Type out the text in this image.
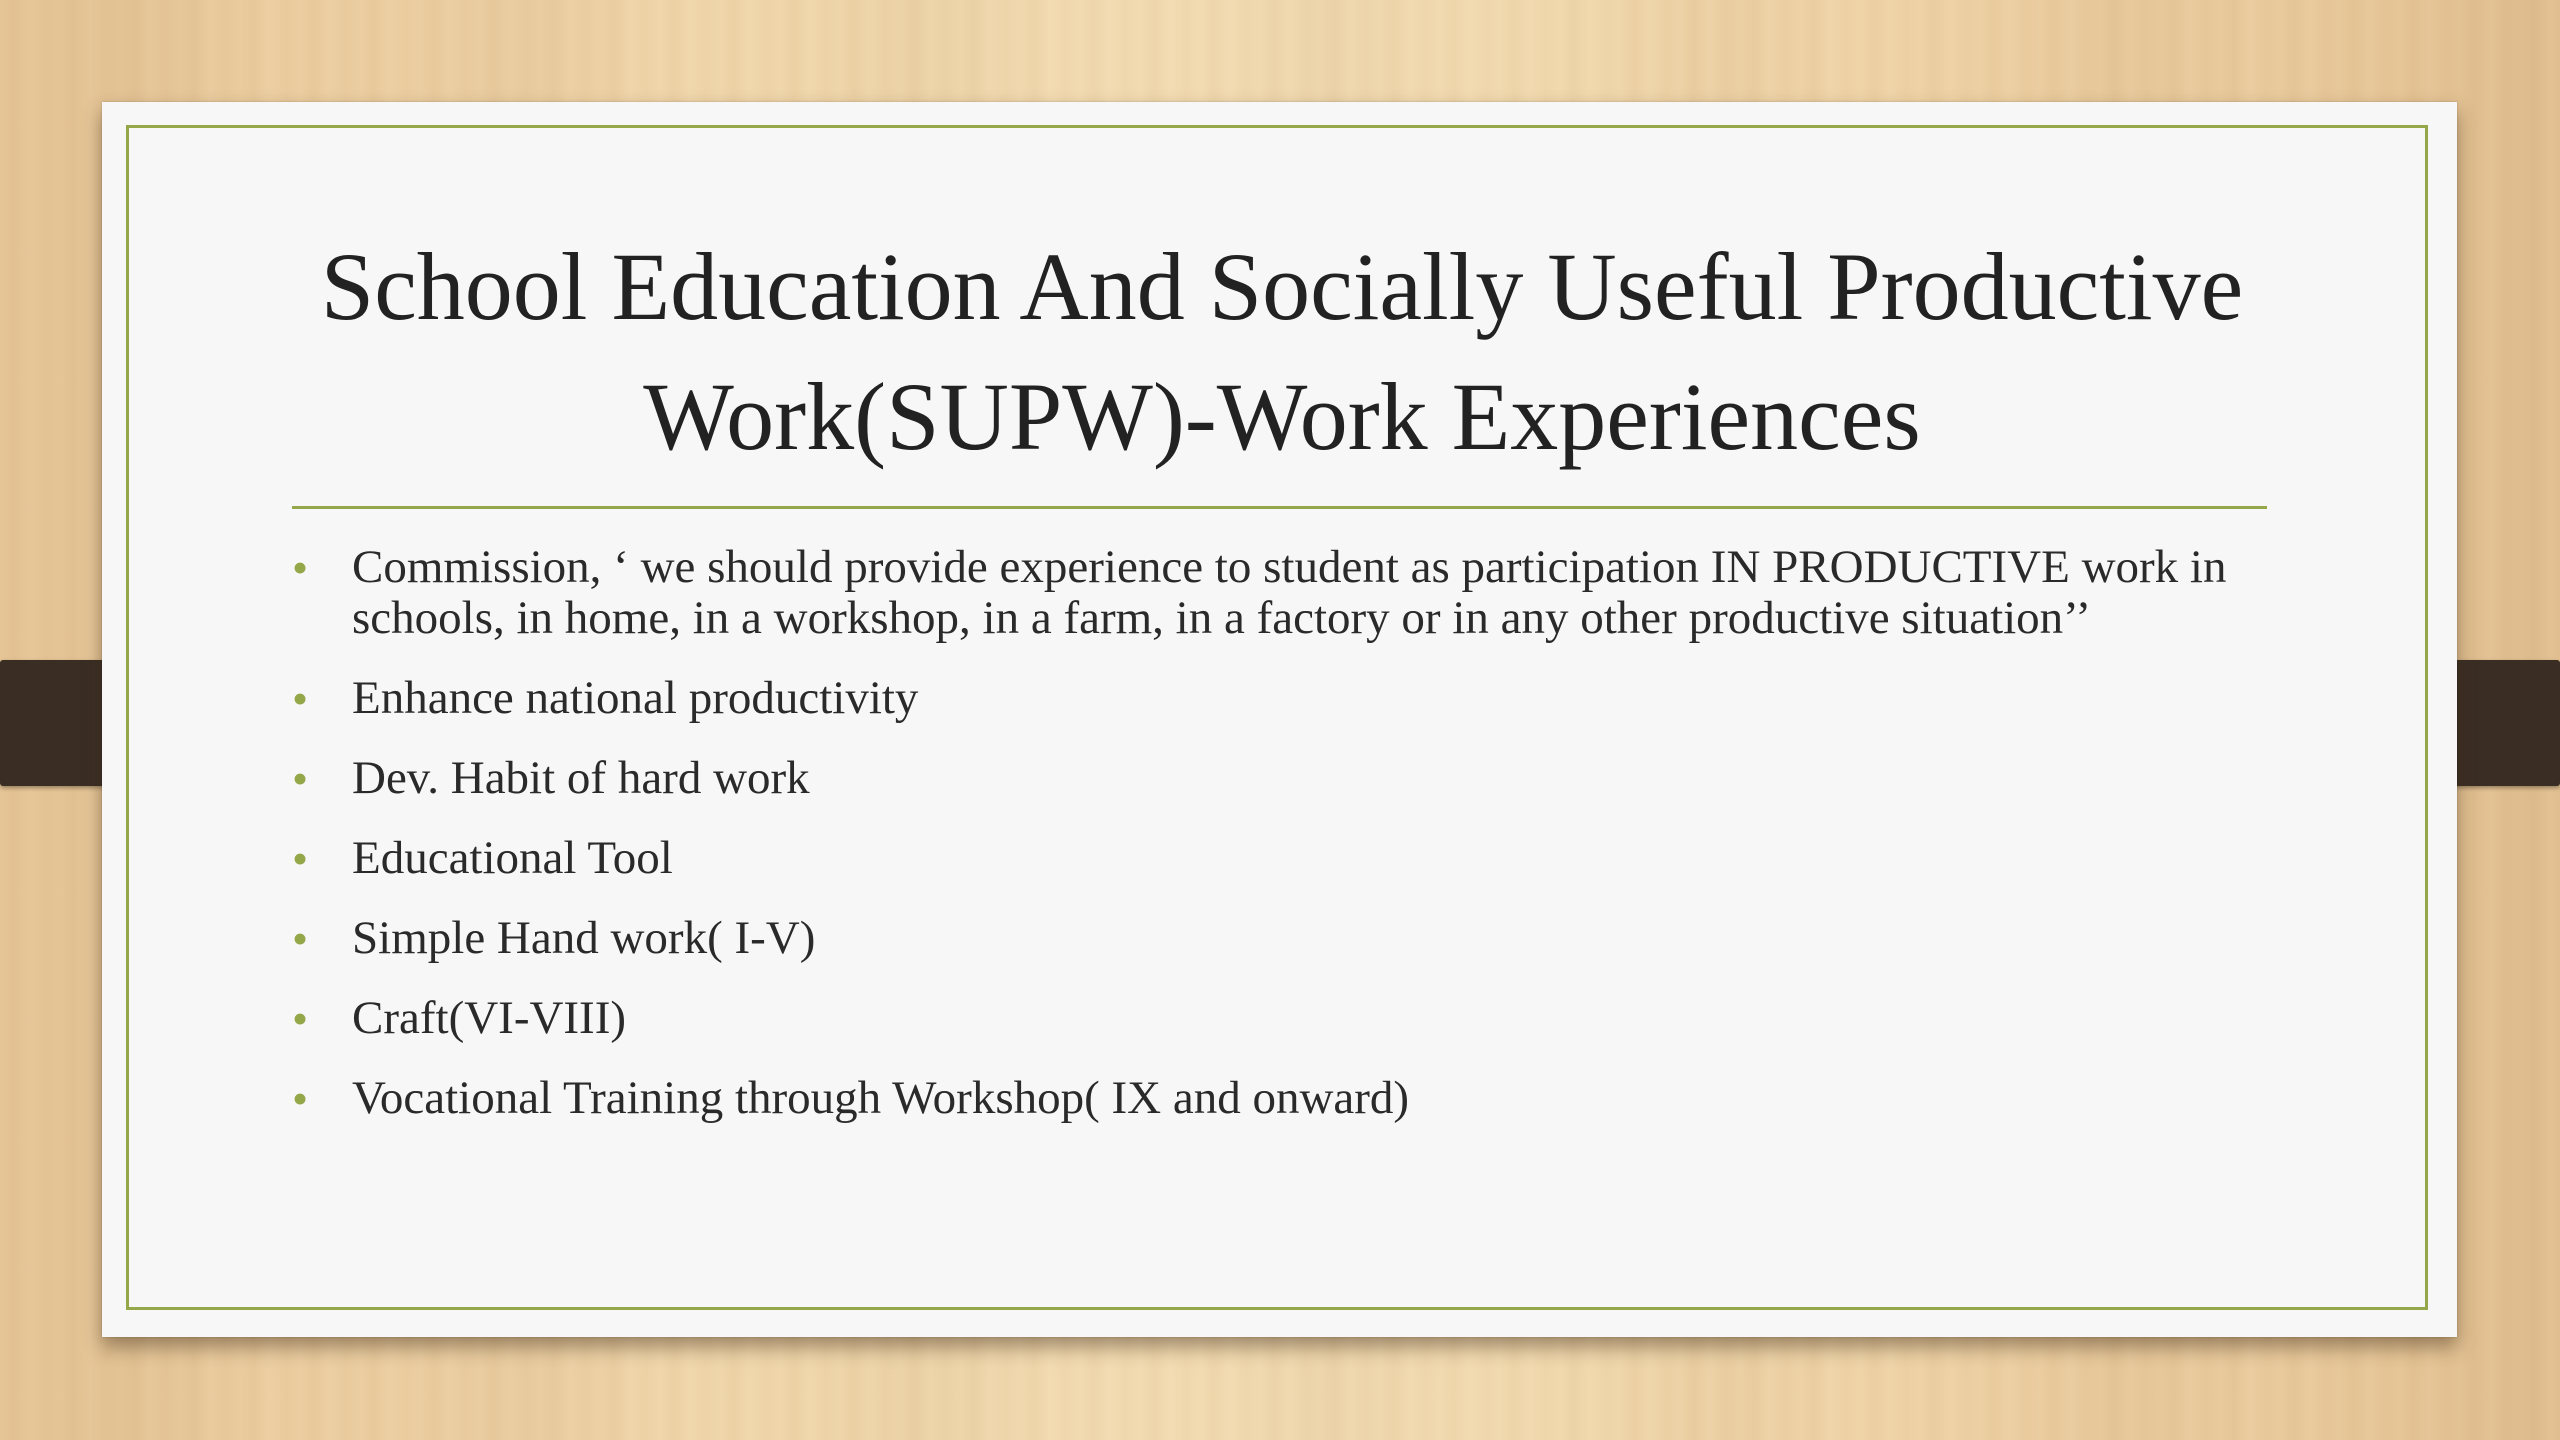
School Education And Socially Useful Productive Work(SUPW)-Work Experiences
• Commission, ‘ we should provide experience to student as participation IN PRODUCTIVE work in schools, in home, in a workshop, in a farm, in a factory or in any other productive situation’’
• Enhance national productivity
• Dev. Habit of hard work
• Educational Tool
• Simple Hand work( I-V)
• Craft(VI-VIII)
• Vocational Training through Workshop( IX and onward)
